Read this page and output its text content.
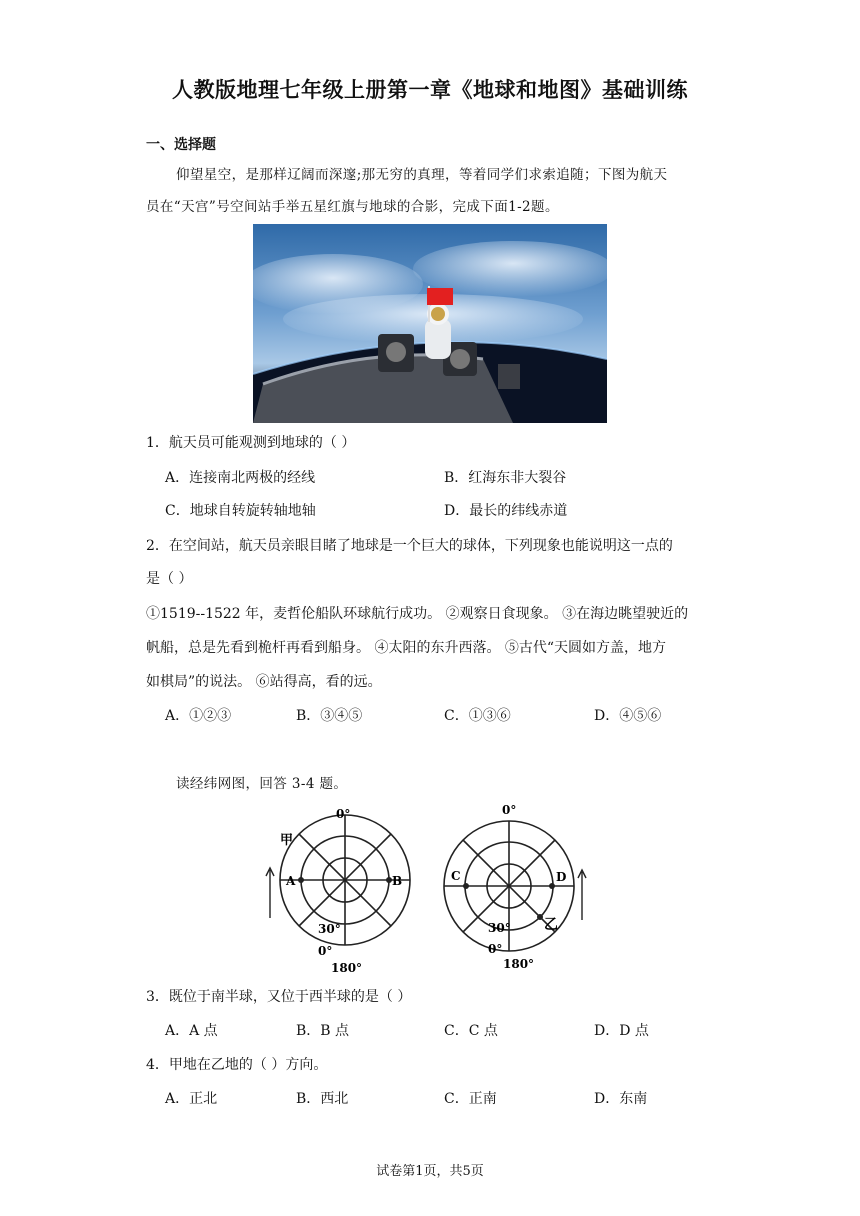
人教版地理七年级上册第一章《地球和地图》基础训练
一、选择题
仰望星空，是那样辽阔而深邃;那无穷的真理，等着同学们求索追随；下图为航天
员在“天宫”号空间站手举五星红旗与地球的合影，完成下面1-2题。
1．航天员可能观测到地球的（ ）
A．连接南北两极的经线	B．红海东非大裂谷
C．地球自转旋转轴地轴	D．最长的纬线赤道
2．在空间站，航天员亲眼目睹了地球是一个巨大的球体，下列现象也能说明这一点的
是（ ）
①1519--1522 年，麦哲伦船队环球航行成功。 ②观察日食现象。 ③在海边眺望驶近的
帆船，总是先看到桅杆再看到船身。 ④太阳的东升西落。 ⑤古代“天圆如方盖，地方
如棋局”的说法。 ⑥站得高，看的远。
A．①②③	B．③④⑤	C．①③⑥	D．④⑤⑥
读经纬网图，回答 3-4 题。
0°
180°
30°
0°
A	B
甲
0°
180°
30°
0°
C	D
乙
3．既位于南半球，又位于西半球的是（ ）
A．A 点	B．B 点	C．C 点	D．D 点
4．甲地在乙地的（ ）方向。
A．正北	B．西北	C．正南	D．东南
试卷第1页，共5页
